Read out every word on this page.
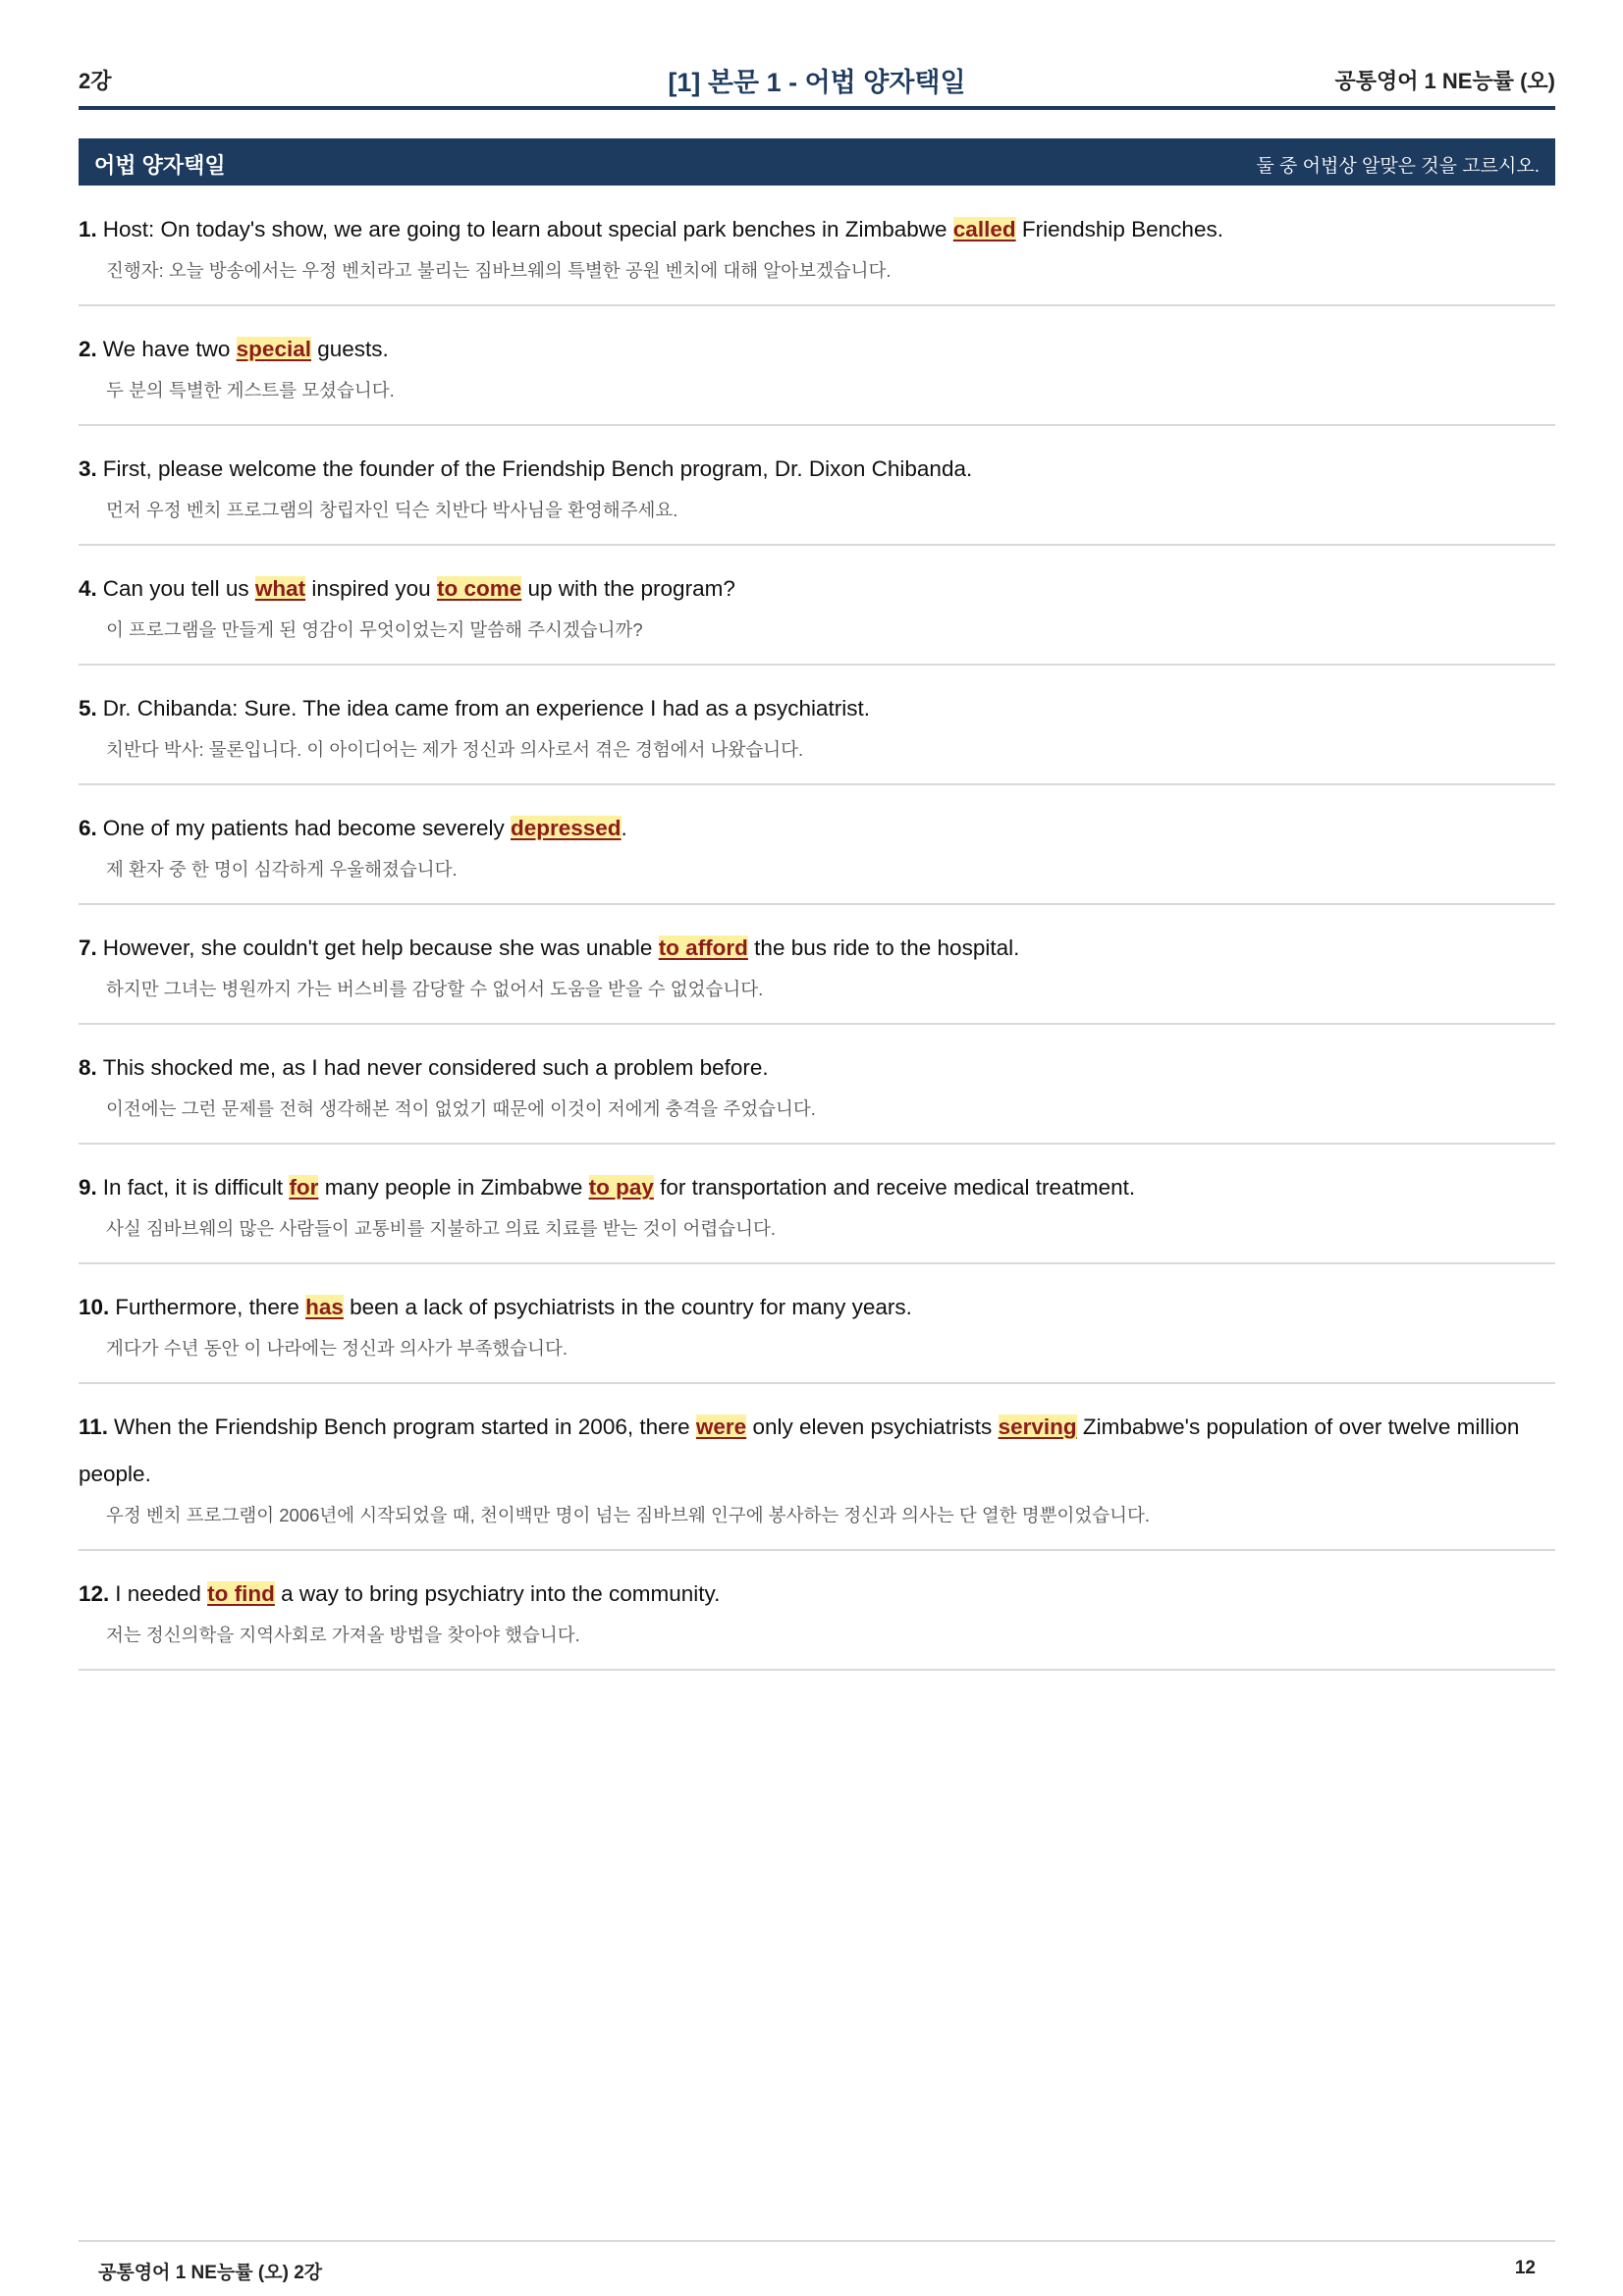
2강	[1] 본문 1 - 어법 양자택일	공통영어 1 NE능률 (오)
어법 양자택일	둘 중 어법상 알맞은 것을 고르시오.
1. Host: On today's show, we are going to learn about special park benches in Zimbabwe called Friendship Benches.
진행자: 오늘 방송에서는 우정 벤치라고 불리는 짐바브웨의 특별한 공원 벤치에 대해 알아보겠습니다.
2. We have two special guests.
두 분의 특별한 게스트를 모셨습니다.
3. First, please welcome the founder of the Friendship Bench program, Dr. Dixon Chibanda.
먼저 우정 벤치 프로그램의 창립자인 딕슨 치반다 박사님을 환영해주세요.
4. Can you tell us what inspired you to come up with the program?
이 프로그램을 만들게 된 영감이 무엇이었는지 말씀해 주시겠습니까?
5. Dr. Chibanda: Sure. The idea came from an experience I had as a psychiatrist.
치반다 박사: 물론입니다. 이 아이디어는 제가 정신과 의사로서 겪은 경험에서 나왔습니다.
6. One of my patients had become severely depressed.
제 환자 중 한 명이 심각하게 우울해졌습니다.
7. However, she couldn't get help because she was unable to afford the bus ride to the hospital.
하지만 그녀는 병원까지 가는 버스비를 감당할 수 없어서 도움을 받을 수 없었습니다.
8. This shocked me, as I had never considered such a problem before.
이전에는 그런 문제를 전혀 생각해본 적이 없었기 때문에 이것이 저에게 충격을 주었습니다.
9. In fact, it is difficult for many people in Zimbabwe to pay for transportation and receive medical treatment.
사실 짐바브웨의 많은 사람들이 교통비를 지불하고 의료 치료를 받는 것이 어렵습니다.
10. Furthermore, there has been a lack of psychiatrists in the country for many years.
게다가 수년 동안 이 나라에는 정신과 의사가 부족했습니다.
11. When the Friendship Bench program started in 2006, there were only eleven psychiatrists serving Zimbabwe's population of over twelve million people.
우정 벤치 프로그램이 2006년에 시작되었을 때, 천이백만 명이 넘는 짐바브웨 인구에 봉사하는 정신과 의사는 단 열한 명뿐이었습니다.
12. I needed to find a way to bring psychiatry into the community.
저는 정신의학을 지역사회로 가져올 방법을 찾아야 했습니다.
공통영어 1 NE능률 (오) 2강	12
